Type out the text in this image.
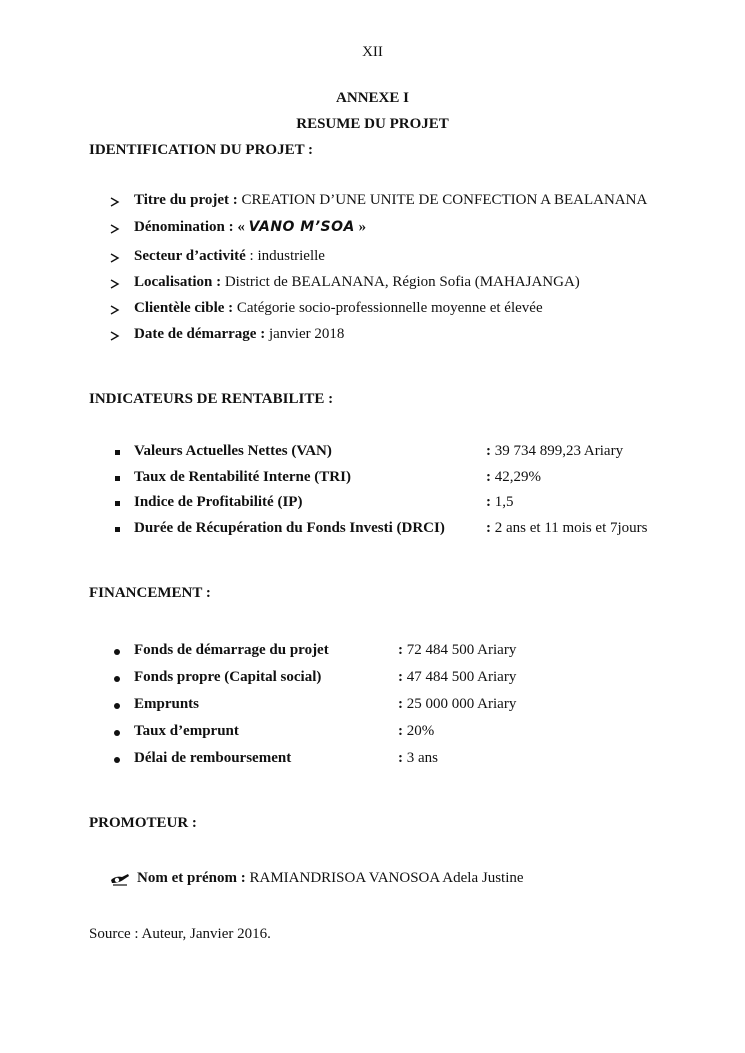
XII
ANNEXE I
RESUME DU PROJET
IDENTIFICATION DU PROJET :
Titre du projet : CREATION D’UNE UNITE DE CONFECTION A BEALANANA
Dénomination : « VANO M’SOA »
Secteur d’activité : industrielle
Localisation : District de BEALANANA, Région Sofia (MAHAJANGA)
Clientèle cible : Catégorie socio-professionnelle moyenne et élevée
Date de démarrage : janvier 2018
INDICATEURS DE RENTABILITE :
Valeurs Actuelles Nettes (VAN)	: 39 734 899,23 Ariary
Taux de Rentabilité Interne (TRI)	: 42,29%
Indice de Profitabilité (IP)	: 1,5
Durée de Récupération du Fonds Investi (DRCI)	: 2 ans et 11 mois et 7jours
FINANCEMENT :
Fonds de démarrage du projet	: 72 484 500 Ariary
Fonds propre (Capital social)	: 47 484 500 Ariary
Emprunts	: 25 000 000 Ariary
Taux d’emprunt	: 20%
Délai de remboursement	: 3 ans
PROMOTEUR :
Nom et prénom : RAMIANDRISOA VANOSOA Adela Justine
Source : Auteur, Janvier 2016.
